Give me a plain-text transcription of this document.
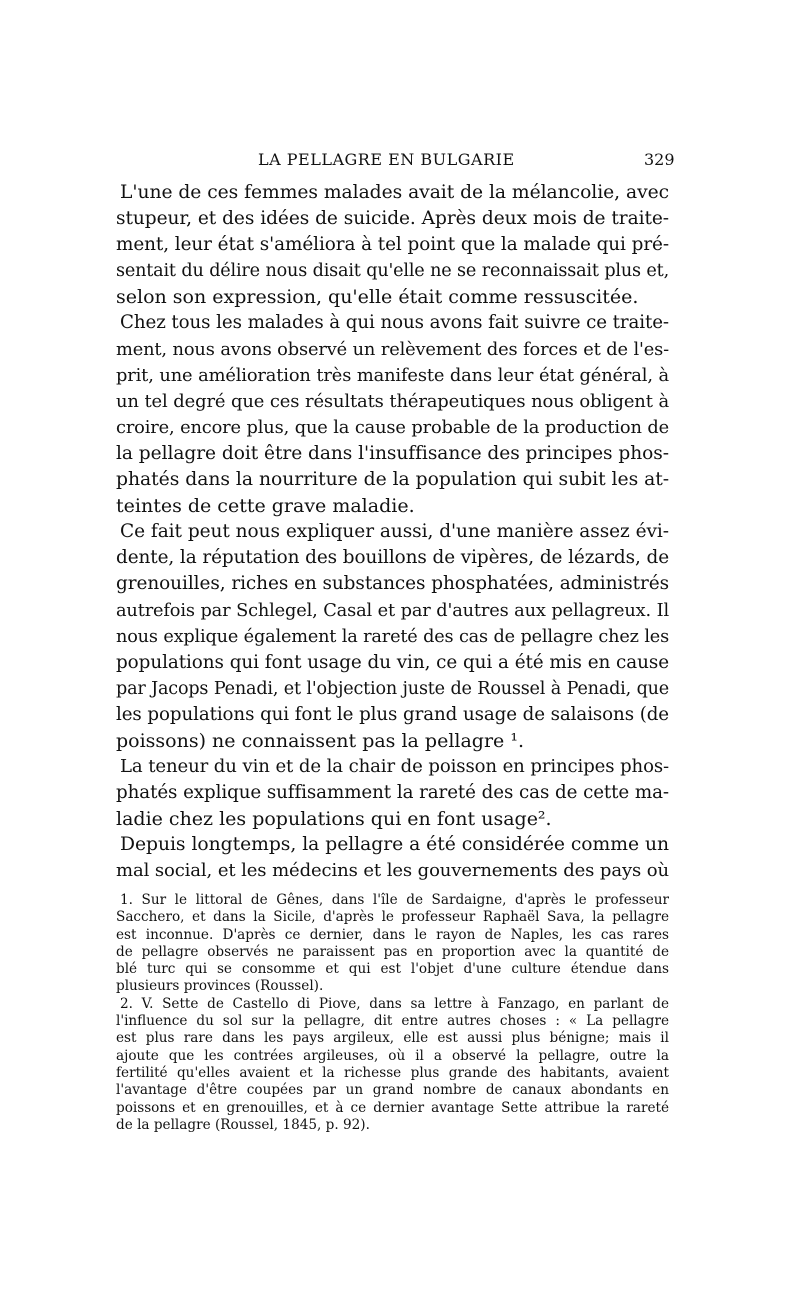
LA PELLAGRE EN BULGARIE	329

L'une de ces femmes malades avait de la mélancolie, avec
stupeur, et des idées de suicide. Après deux mois de traite-
ment, leur état s'améliora à tel point que la malade qui pré-
sentait du délire nous disait qu'elle ne se reconnaissait plus et,
selon son expression, qu'elle était comme ressuscitée.

Chez tous les malades à qui nous avons fait suivre ce traite-
ment, nous avons observé un relèvement des forces et de l'es-
prit, une amélioration très manifeste dans leur état général, à
un tel degré que ces résultats thérapeutiques nous obligent à
croire, encore plus, que la cause probable de la production de
la pellagre doit être dans l'insuffisance des principes phos-
phatés dans la nourriture de la population qui subit les at-
teintes de cette grave maladie.

Ce fait peut nous expliquer aussi, d'une manière assez évi-
dente, la réputation des bouillons de vipères, de lézards, de
grenouilles, riches en substances phosphatées, administrés
autrefois par Schlegel, Casal et par d'autres aux pellagreux. Il
nous explique également la rareté des cas de pellagre chez les
populations qui font usage du vin, ce qui a été mis en cause
par Jacops Penadi, et l'objection juste de Roussel à Penadi, que
les populations qui font le plus grand usage de salaisons (de
poissons) ne connaissent pas la pellagre ¹.

La teneur du vin et de la chair de poisson en principes phos-
phatés explique suffisamment la rareté des cas de cette ma-
ladie chez les populations qui en font usage².

Depuis longtemps, la pellagre a été considérée comme un
mal social, et les médecins et les gouvernements des pays où

1. Sur le littoral de Gênes, dans l'île de Sardaigne, d'après le professeur
Sacchero, et dans la Sicile, d'après le professeur Raphaël Sava, la pellagre
est inconnue. D'après ce dernier, dans le rayon de Naples, les cas rares
de pellagre observés ne paraissent pas en proportion avec la quantité de
blé turc qui se consomme et qui est l'objet d'une culture étendue dans
plusieurs provinces (Roussel).

2. V. Sette de Castello di Piove, dans sa lettre à Fanzago, en parlant de
l'influence du sol sur la pellagre, dit entre autres choses : « La pellagre
est plus rare dans les pays argileux, elle est aussi plus bénigne; mais il
ajoute que les contrées argileuses, où il a observé la pellagre, outre la
fertilité qu'elles avaient et la richesse plus grande des habitants, avaient
l'avantage d'être coupées par un grand nombre de canaux abondants en
poissons et en grenouilles, et à ce dernier avantage Sette attribue la rareté
de la pellagre (Roussel, 1845, p. 92).
